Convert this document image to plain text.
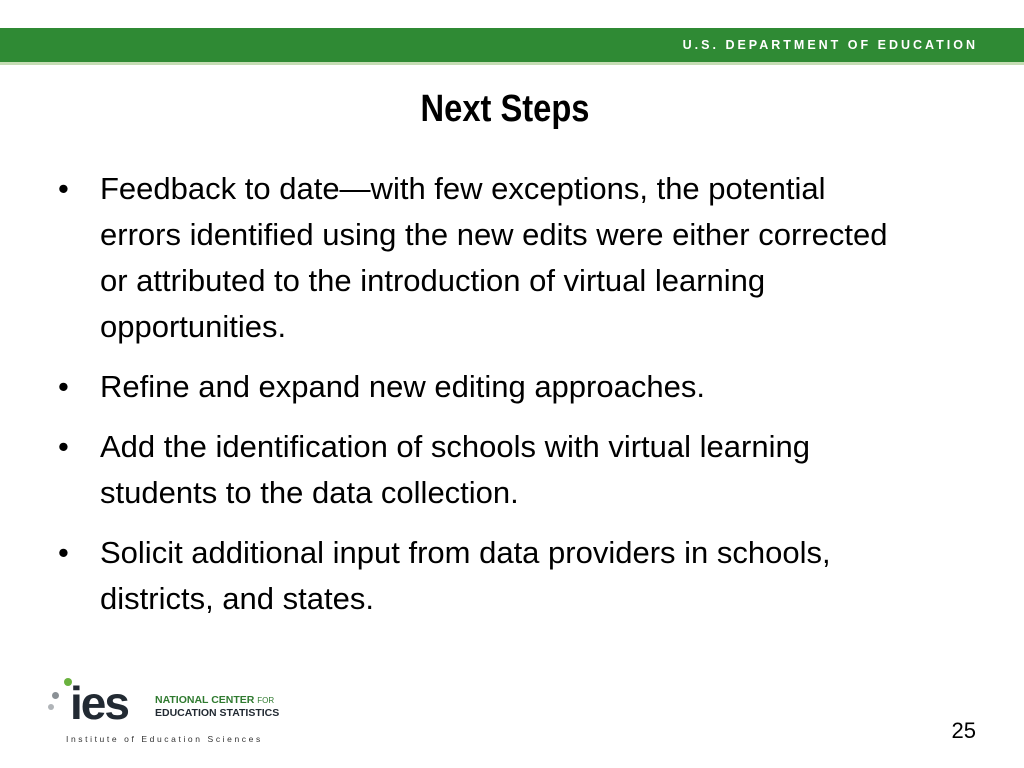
U.S. DEPARTMENT OF EDUCATION
Next Steps
• Feedback to date—with few exceptions, the potential errors identified using the new edits were either corrected or attributed to the introduction of virtual learning opportunities.
• Refine and expand new editing approaches.
• Add the identification of schools with virtual learning students to the data collection.
• Solicit additional input from data providers in schools, districts, and states.
ies	NATIONAL CENTER FOR
EDUCATION STATISTICS
Institute of Education Sciences	25
